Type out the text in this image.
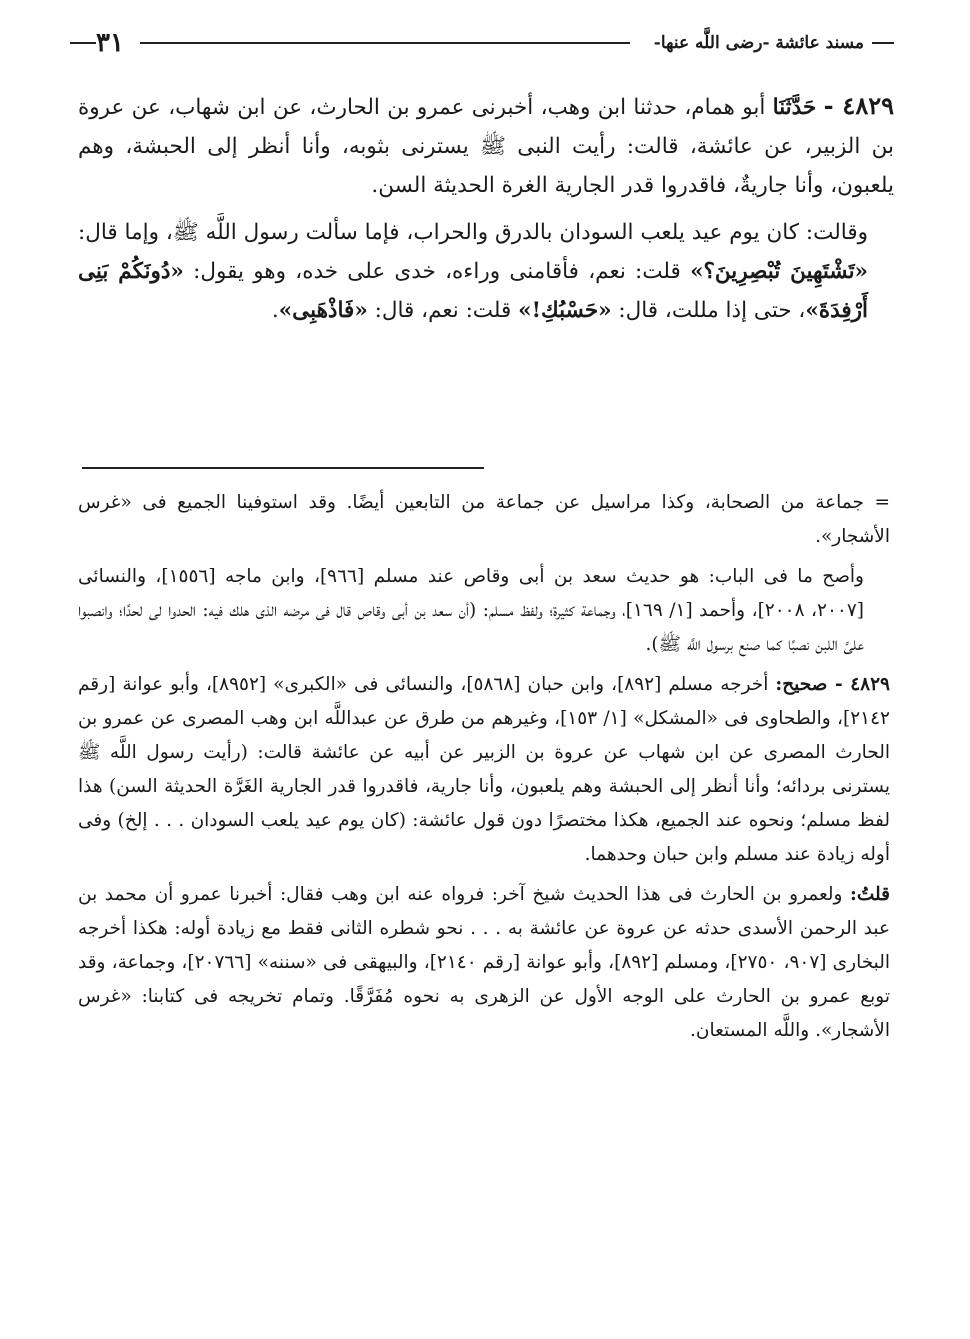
مسند عائشة -رضى اللَّه عنها-
٣١

٤٨٢٩ - حَدَّثَنَا أبو همام، حدثنا ابن وهب، أخبرنى عمرو بن الحارث، عن ابن شهاب، عن عروة بن الزبير، عن عائشة، قالت: رأيت النبى ﷺ يسترنى بثوبه، وأنا أنظر إلى الحبشة، وهم يلعبون، وأنا جاريةٌ، فاقدروا قدر الجارية الغرة الحديثة السن.

وقالت: كان يوم عيد يلعب السودان بالدرق والحراب، فإما سألت رسول اللَّه ﷺ، وإما قال: «تَشْتَهِينَ تُبْصِرِينَ؟» قلت: نعم، فأقامنى وراءه، خدى على خده، وهو يقول: «دُونَكُمْ بَنِى أَرْفِدَةَ»، حتى إذا مللت، قال: «حَسْبُكِ!» قلت: نعم، قال: «فَاذْهَبِى».

= جماعة من الصحابة، وكذا مراسيل عن جماعة من التابعين أيضًا. وقد استوفينا الجميع فى «غرس الأشجار».

وأصح ما فى الباب: هو حديث سعد بن أبى وقاص عند مسلم [٩٦٦]، وابن ماجه [١٥٥٦]، والنسائى [٢٠٠٧، ٢٠٠٨]، وأحمد [١/ ١٦٩]، وجماعة كثيرة؛ ولفظ مسلم: (أن سعد بن أبى وقاص قال فى مرضه الذى هلك فيه: الحدوا لى لحدًا؛ وانصبوا علىَّ اللبن نصبًا كما صنع برسول اللَّه ﷺ).

٤٨٢٩ - صحيح: أخرجه مسلم [٨٩٢]، وابن حبان [٥٨٦٨]، والنسائى فى «الكبرى» [٨٩٥٢]، وأبو عوانة [رقم ٢١٤٢]، والطحاوى فى «المشكل» [١/ ١٥٣]، وغيرهم من طرق عن عبداللَّه ابن وهب المصرى عن عمرو بن الحارث المصرى عن ابن شهاب عن عروة بن الزبير عن أبيه عن عائشة قالت: (رأيت رسول اللَّه ﷺ يسترنى بردائه؛ وأنا أنظر إلى الحبشة وهم يلعبون، وأنا جارية، فاقدروا قدر الجارية الغَرَّة الحديثة السن) هذا لفظ مسلم؛ ونحوه عند الجميع، هكذا مختصرًا دون قول عائشة: (كان يوم عيد يلعب السودان . . . إلخ) وفى أوله زيادة عند مسلم وابن حبان وحدهما.

قلتُ: ولعمرو بن الحارث فى هذا الحديث شيخ آخر: فرواه عنه ابن وهب فقال: أخبرنا عمرو أن محمد بن عبد الرحمن الأسدى حدثه عن عروة عن عائشة به . . . نحو شطره الثانى فقط مع زيادة أوله: هكذا أخرجه البخارى [٩٠٧، ٢٧٥٠]، ومسلم [٨٩٢]، وأبو عوانة [رقم ٢١٤٠]، والبيهقى فى «سننه» [٢٠٧٦٦]، وجماعة، وقد توبع عمرو بن الحارث على الوجه الأول عن الزهرى به نحوه مُفَرَّقًا. وتمام تخريجه فى كتابنا: «غرس الأشجار». واللَّه المستعان.
